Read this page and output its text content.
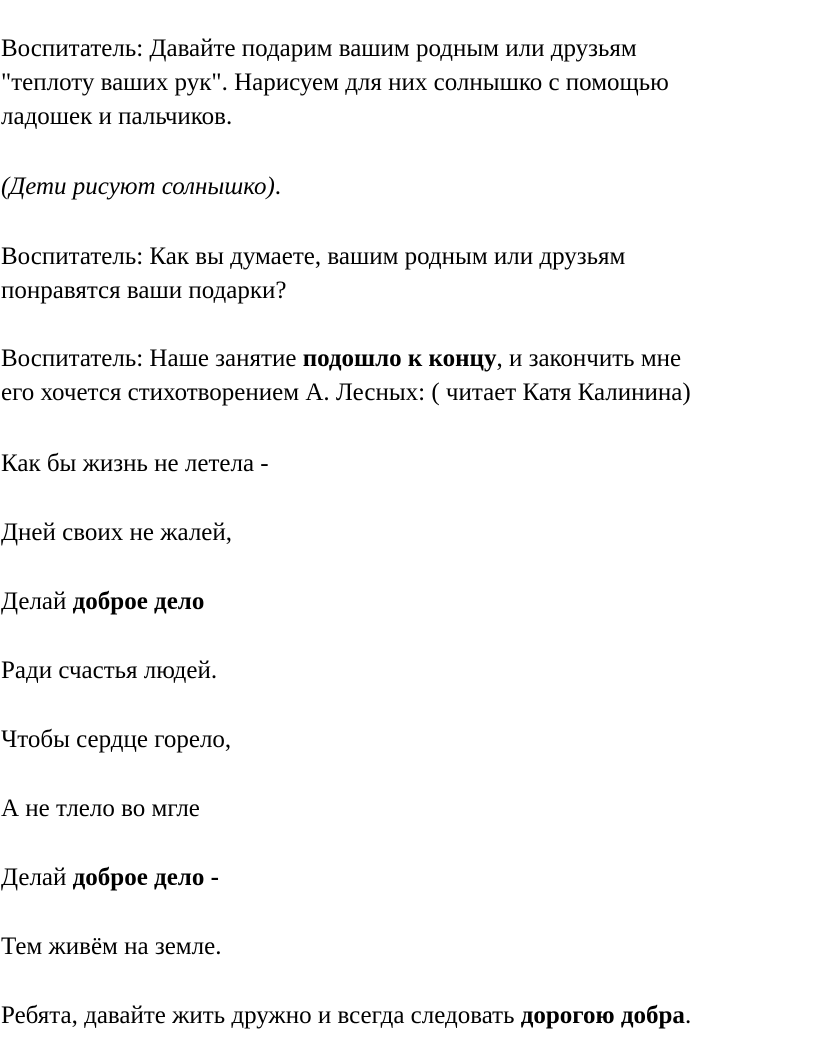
Воспитатель: Давайте подарим вашим родным или друзьям
"теплоту ваших рук". Нарисуем для них солнышко с помощью
ладошек и пальчиков.
(Дети рисуют солнышко).
Воспитатель: Как вы думаете, вашим родным или друзьям
понравятся ваши подарки?
Воспитатель: Наше занятие подошло к концу, и закончить мне
его хочется стихотворением А. Лесных: ( читает Катя Калинина)
Как бы жизнь не летела -
Дней своих не жалей,
Делай доброе дело
Ради счастья людей.
Чтобы сердце горело,
А не тлело во мгле
Делай доброе дело -
Тем живём на земле.
Ребята, давайте жить дружно и всегда следовать дорогою добра.
